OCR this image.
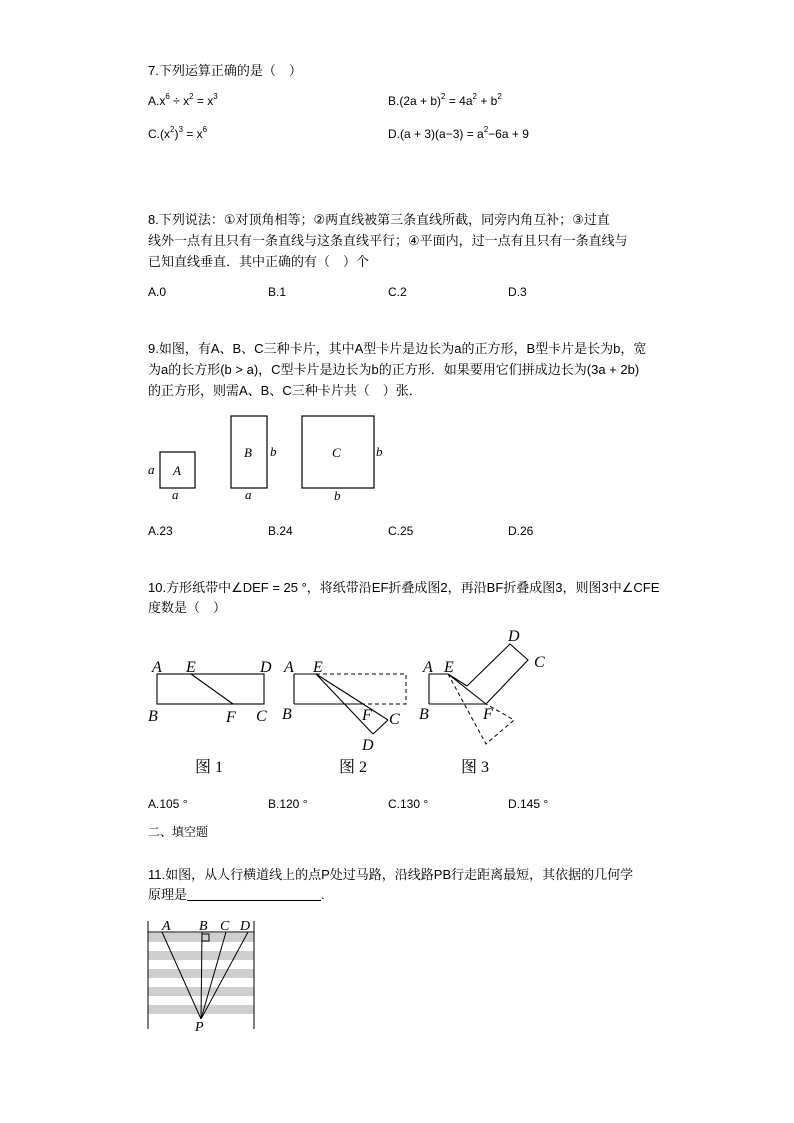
7.下列运算正确的是（　）
$A.x^6 \div x^2 = x^3$	$B.(2a + b)^2 = 4a^2 + b^2$
$C.(x^2)^3 = x^6$	$D.(a + 3)(a-3) = a^2-6a + 9$
8.下列说法：①对顶角相等；②两直线被第三条直线所截，同旁内角互补；③过直
线外一点有且只有一条直线与这条直线平行；④平面内，过一点有且只有一条直线与
已知直线垂直．其中正确的有（　）个
A.0	B.1	C.2	D.3
9.如图，有A、B、C三种卡片，其中A型卡片是边长为a的正方形，B型卡片是长为b，宽
为a的长方形(b > a)，C型卡片是边长为b的正方形．如果要用它们拼成边长为(3a + 2b)
的正方形，则需A、B、C三种卡片共（　）张．
A
B	C
a
a
b
a
b
b
A.23	B.24	C.25	D.26
10.方形纸带中∠DEF = 25 °，将纸带沿EF折叠成图2，再沿BF折叠成图3，则图3中∠CFE
度数是（　）
A E	D
B	F C
图 1
A E
B	F C
D
图 2
A E
B	F
D
C
图 3
A.105 °	B.120 °	C.130 °	D.145 °
二、填空题
11.如图，从人行横道线上的点P处过马路，沿线路PB行走距离最短，其依据的几何学
原理是	.
A B C D
P
